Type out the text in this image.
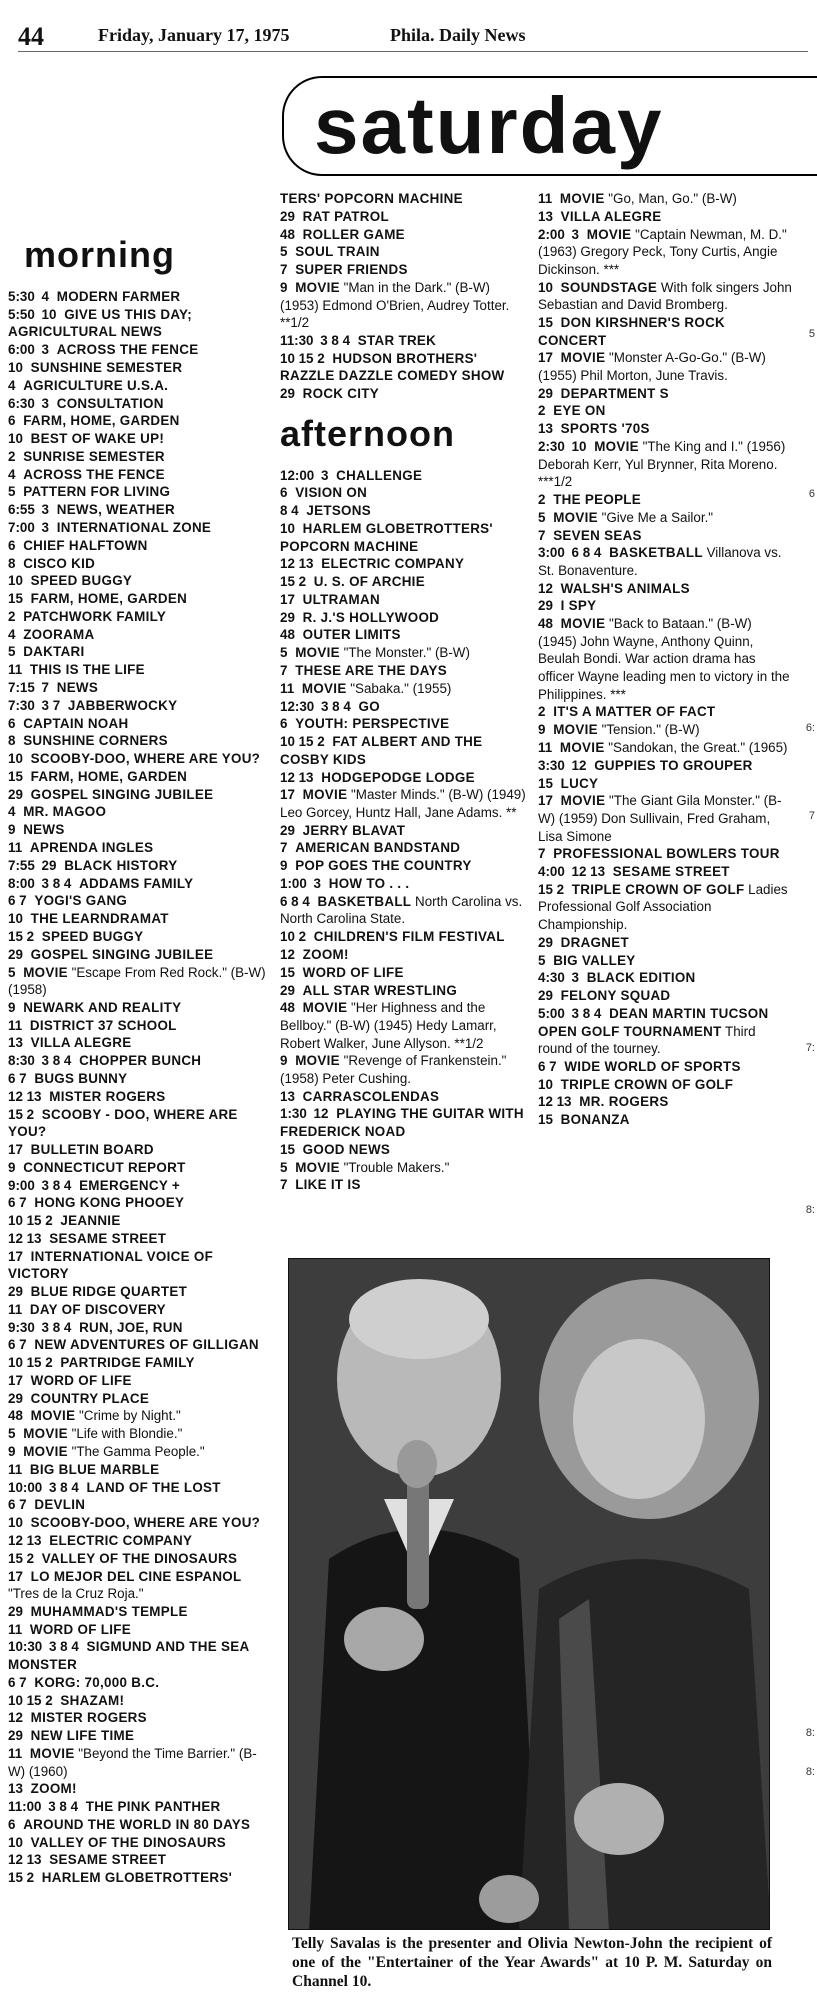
44	Friday, January 17, 1975	Phila. Daily News
saturday
morning
5:30 4 MODERN FARMER
5:50 10 GIVE US THIS DAY; AGRICULTURAL NEWS
6:00 3 ACROSS THE FENCE
10 SUNSHINE SEMESTER
4 AGRICULTURE U.S.A.
6:30 3 CONSULTATION
6 FARM, HOME, GARDEN
10 BEST OF WAKE UP!
2 SUNRISE SEMESTER
4 ACROSS THE FENCE
5 PATTERN FOR LIVING
6:55 3 NEWS, WEATHER
7:00 3 INTERNATIONAL ZONE
6 CHIEF HALFTOWN
8 CISCO KID
10 SPEED BUGGY
15 FARM, HOME, GARDEN
2 PATCHWORK FAMILY
4 ZOORAMA
5 DAKTARI
11 THIS IS THE LIFE
7:15 7 NEWS
7:30 3 7 JABBERWOCKY
6 CAPTAIN NOAH
8 SUNSHINE CORNERS
10 SCOOBY-DOO, WHERE ARE YOU?
15 FARM, HOME, GARDEN
29 GOSPEL SINGING JUBILEE
4 MR. MAGOO
9 NEWS
11 APRENDA INGLES
7:55 29 BLACK HISTORY
8:00 3 8 4 ADDAMS FAMILY
6 7 YOGI'S GANG
10 THE LEARNDRAMAT
15 2 SPEED BUGGY
29 GOSPEL SINGING JUBILEE
5 MOVIE "Escape From Red Rock." (B-W) (1958)
9 NEWARK AND REALITY
11 DISTRICT 37 SCHOOL
13 VILLA ALEGRE
8:30 3 8 4 CHOPPER BUNCH
6 7 BUGS BUNNY
12 13 MISTER ROGERS
15 2 SCOOBY - DOO, WHERE ARE YOU?
17 BULLETIN BOARD
9 CONNECTICUT REPORT
9:00 3 8 4 EMERGENCY +
6 7 HONG KONG PHOOEY
10 15 2 JEANNIE
12 13 SESAME STREET
17 INTERNATIONAL VOICE OF VICTORY
29 BLUE RIDGE QUARTET
11 DAY OF DISCOVERY
9:30 3 8 4 RUN, JOE, RUN
6 7 NEW ADVENTURES OF GILLIGAN
10 15 2 PARTRIDGE FAMILY
17 WORD OF LIFE
29 COUNTRY PLACE
48 MOVIE "Crime by Night."
5 MOVIE "Life with Blondie."
9 MOVIE "The Gamma People."
11 BIG BLUE MARBLE
10:00 3 8 4 LAND OF THE LOST
6 7 DEVLIN
10 SCOOBY-DOO, WHERE ARE YOU?
12 13 ELECTRIC COMPANY
15 2 VALLEY OF THE DINOSAURS
17 LO MEJOR DEL CINE ESPANOL "Tres de la Cruz Roja."
29 MUHAMMAD'S TEMPLE
11 WORD OF LIFE
10:30 3 8 4 SIGMUND AND THE SEA MONSTER
6 7 KORG: 70,000 B.C.
10 15 2 SHAZAM!
12 MISTER ROGERS
29 NEW LIFE TIME
11 MOVIE "Beyond the Time Barrier." (B-W) (1960)
13 ZOOM!
11:00 3 8 4 THE PINK PANTHER
6 AROUND THE WORLD IN 80 DAYS
10 VALLEY OF THE DINOSAURS
12 13 SESAME STREET
15 2 HARLEM GLOBETROTTERS'
TERS' POPCORN MACHINE
29 RAT PATROL
48 ROLLER GAME
5 SOUL TRAIN
7 SUPER FRIENDS
9 MOVIE "Man in the Dark." (B-W) (1953) Edmond O'Brien, Audrey Totter. **1/2
11:30 3 8 4 STAR TREK
10 15 2 HUDSON BROTHERS' RAZZLE DAZZLE COMEDY SHOW
29 ROCK CITY
afternoon
12:00 3 CHALLENGE
6 VISION ON
8 4 JETSONS
10 HARLEM GLOBETROTTERS' POPCORN MACHINE
12 13 ELECTRIC COMPANY
15 2 U. S. OF ARCHIE
17 ULTRAMAN
29 R. J.'S HOLLYWOOD
48 OUTER LIMITS
5 MOVIE "The Monster." (B-W)
7 THESE ARE THE DAYS
11 MOVIE "Sabaka." (1955)
12:30 3 8 4 GO
6 YOUTH: PERSPECTIVE
10 15 2 FAT ALBERT AND THE COSBY KIDS
12 13 HODGEPODGE LODGE
17 MOVIE "Master Minds." (B-W) (1949) Leo Gorcey, Huntz Hall, Jane Adams. **
29 JERRY BLAVAT
7 AMERICAN BANDSTAND
9 POP GOES THE COUNTRY
1:00 3 HOW TO . . .
6 8 4 BASKETBALL North Carolina vs. North Carolina State.
10 2 CHILDREN'S FILM FESTIVAL
12 ZOOM!
15 WORD OF LIFE
29 ALL STAR WRESTLING
48 MOVIE "Her Highness and the Bellboy." (B-W) (1945) Hedy Lamarr, Robert Walker, June Allyson. **1/2
9 MOVIE "Revenge of Frankenstein." (1958) Peter Cushing.
13 CARRASCOLENDAS
1:30 12 PLAYING THE GUITAR WITH FREDERICK NOAD
15 GOOD NEWS
5 MOVIE "Trouble Makers."
7 LIKE IT IS
11 MOVIE "Go, Man, Go." (B-W)
13 VILLA ALEGRE
2:00 3 MOVIE "Captain Newman, M. D." (1963) Gregory Peck, Tony Curtis, Angie Dickinson. ***
10 SOUNDSTAGE With folk singers John Sebastian and David Bromberg.
15 DON KIRSHNER'S ROCK CONCERT
17 MOVIE "Monster A-Go-Go." (B-W) (1955) Phil Morton, June Travis.
29 DEPARTMENT S
2 EYE ON
13 SPORTS '70S
2:30 10 MOVIE "The King and I." (1956) Deborah Kerr, Yul Brynner, Rita Moreno. ***1/2
2 THE PEOPLE
5 MOVIE "Give Me a Sailor."
7 SEVEN SEAS
3:00 6 8 4 BASKETBALL Villanova vs. St. Bonaventure.
12 WALSH'S ANIMALS
29 I SPY
48 MOVIE "Back to Bataan." (B-W) (1945) John Wayne, Anthony Quinn, Beulah Bondi. War action drama has officer Wayne leading men to victory in the Philippines. ***
2 IT'S A MATTER OF FACT
9 MOVIE "Tension." (B-W)
11 MOVIE "Sandokan, the Great." (1965)
3:30 12 GUPPIES TO GROUPER
15 LUCY
17 MOVIE "The Giant Gila Monster." (B-W) (1959) Don Sullivain, Fred Graham, Lisa Simone
7 PROFESSIONAL BOWLERS TOUR
4:00 12 13 SESAME STREET
15 2 TRIPLE CROWN OF GOLF Ladies Professional Golf Association Championship.
29 DRAGNET
5 BIG VALLEY
4:30 3 BLACK EDITION
29 FELONY SQUAD
5:00 3 8 4 DEAN MARTIN TUCSON OPEN GOLF TOURNAMENT Third round of the tourney.
6 7 WIDE WORLD OF SPORTS
10 TRIPLE CROWN OF GOLF
12 13 MR. ROGERS
15 BONANZA
Telly Savalas is the presenter and Olivia Newton-John the recipient of one of the "Entertainer of the Year Awards" at 10 P. M. Saturday on Channel 10.
5
6
6:
7
7:
8:
8:
8:
